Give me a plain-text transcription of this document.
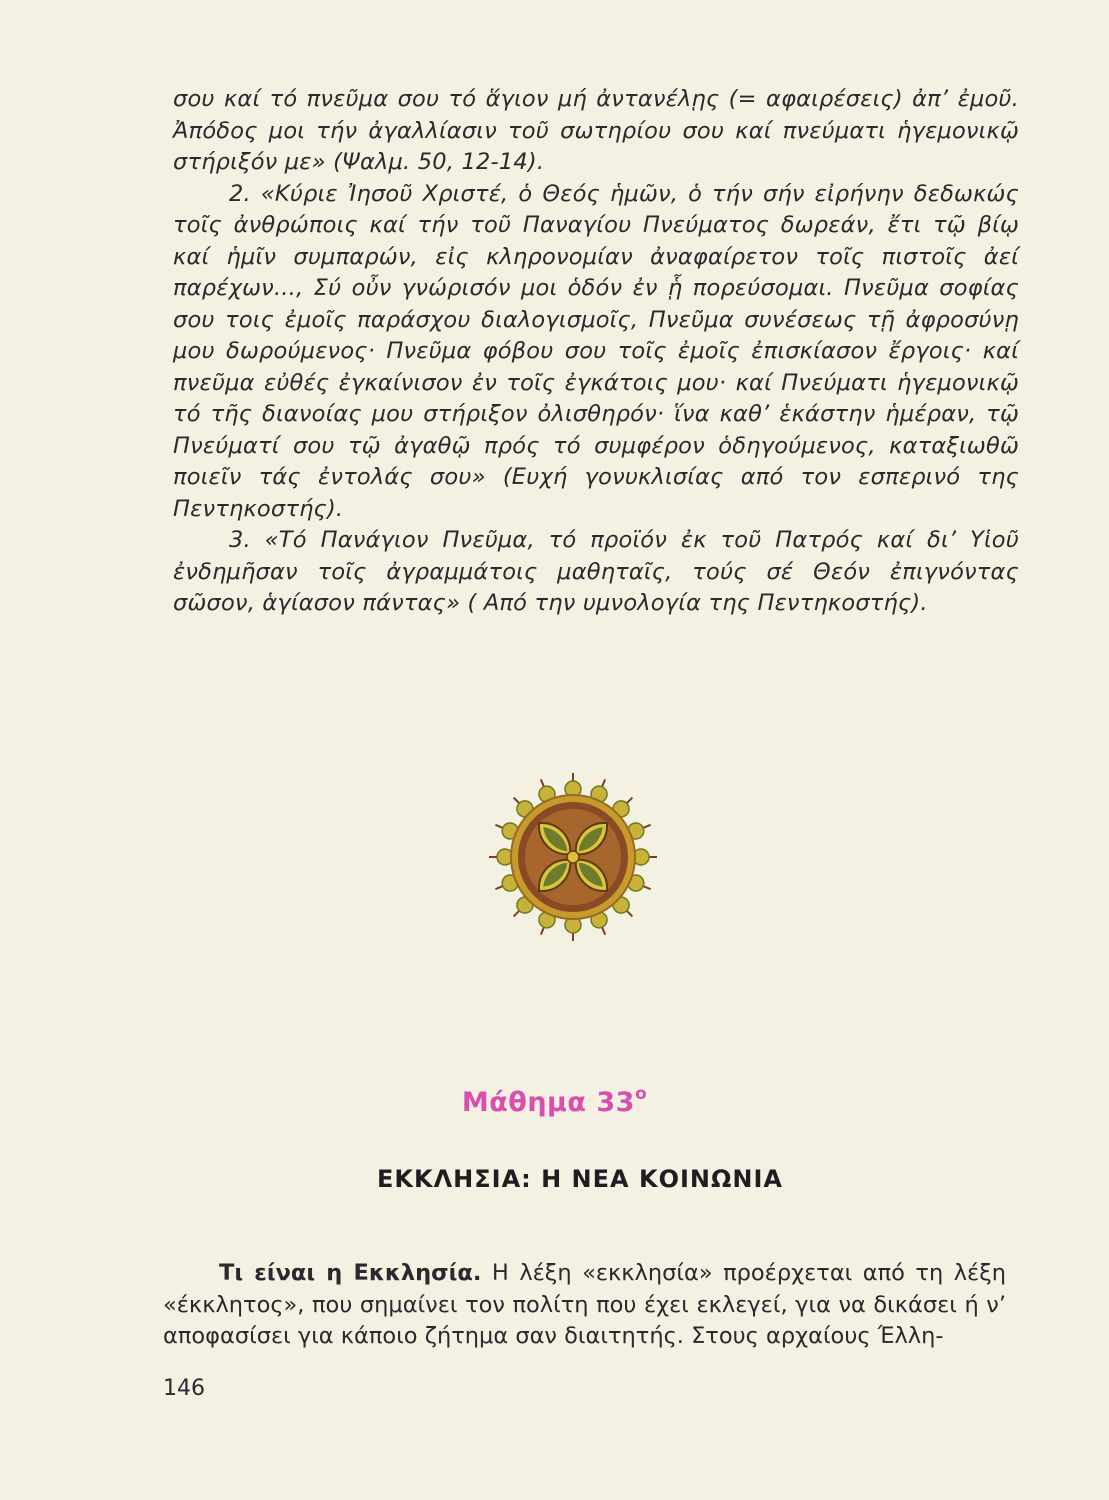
σου καί τό πνεῦμα σου τό ἅγιον μή ἀντανέλῃς (= αφαιρέσεις) ἀπ’ ἐμοῦ. Ἀπόδος μοι τήν ἀγαλλίασιν τοῦ σωτηρίου σου καί πνεύματι ἡγεμονικῷ στήριξόν με» (Ψαλμ. 50, 12-14).

2. «Κύριε Ἰησοῦ Χριστέ, ὁ Θεός ἡμῶν, ὁ τήν σήν εἰρήνην δεδωκώς τοῖς ἀνθρώποις καί τήν τοῦ Παναγίου Πνεύματος δωρεάν, ἔτι τῷ βίῳ καί ἡμῖν συμπαρών, εἰς κληρονομίαν ἀναφαίρετον τοῖς πιστοῖς ἀεί παρέχων..., Σύ οὖν γνώρισόν μοι ὁδόν ἐν ᾗ πορεύσομαι. Πνεῦμα σοφίας σου τοις ἐμοῖς παράσχου διαλογισμοῖς, Πνεῦμα συνέσεως τῇ ἀφροσύνῃ μου δωρούμενος· Πνεῦμα φόβου σου τοῖς ἐμοῖς ἐπισκίασον ἔργοις· καί πνεῦμα εὐθές ἐγκαίνισον ἐν τοῖς ἐγκάτοις μου· καί Πνεύματι ἡγεμονικῷ τό τῆς διανοίας μου στήριξον ὀλισθηρόν· ἵνα καθ’ ἑκάστην ἡμέραν, τῷ Πνεύματί σου τῷ ἀγαθῷ πρός τό συμφέρον ὁδηγούμενος, καταξιωθῶ ποιεῖν τάς ἐντολάς σου» (Ευχή γονυκλισίας από τον εσπερινό της Πεντηκοστής).

3. «Τό Πανάγιον Πνεῦμα, τό προϊόν ἐκ τοῦ Πατρός καί δι’ Υἱοῦ ἐνδημῆσαν τοῖς ἀγραμμάτοις μαθηταῖς, τούς σέ Θεόν ἐπιγνόντας σῶσον, ἁγίασον πάντας» ( Από την υμνολογία της Πεντηκοστής).

Μάθημα $33^o$
ΕΚΚΛΗΣΙΑ: Η ΝΕΑ ΚΟΙΝΩΝΙΑ

Τι είναι η Εκκλησία. Η λέξη «εκκλησία» προέρχεται από τη λέξη «έκκλητος», που σημαίνει τον πολίτη που έχει εκλεγεί, για να δικάσει ή ν’ αποφασίσει για κάποιο ζήτημα σαν διαιτητής. Στους αρχαίους Έλλη-

146
